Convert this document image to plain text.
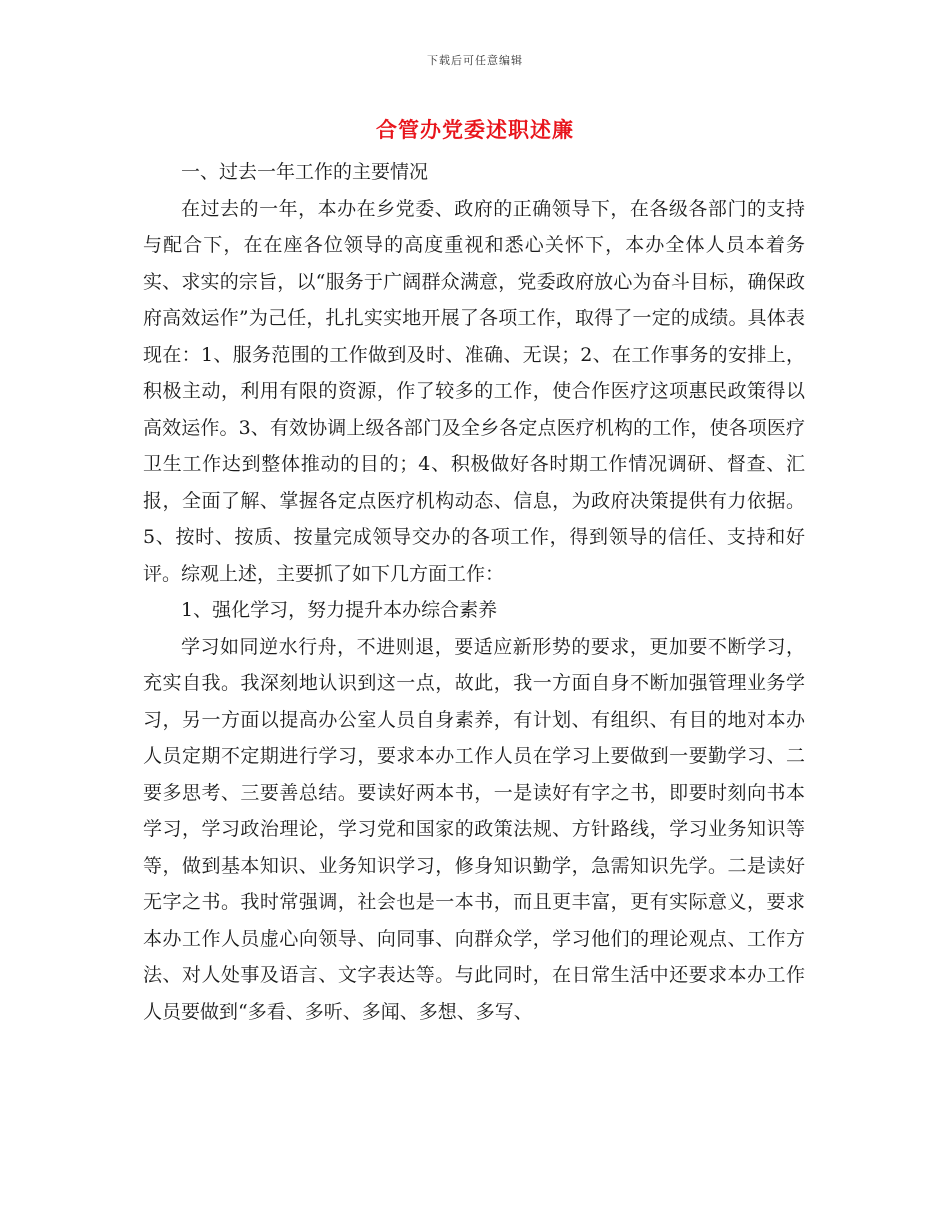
下载后可任意编辑
合管办党委述职述廉

一、过去一年工作的主要情况

在过去的一年，本办在乡党委、政府的正确领导下，在各级各部门的支持与配合下，在在座各位领导的高度重视和悉心关怀下，本办全体人员本着务实、求实的宗旨，以“服务于广阔群众满意，党委政府放心为奋斗目标，确保政府高效运作”为己任，扎扎实实地开展了各项工作，取得了一定的成绩。具体表现在：1、服务范围的工作做到及时、准确、无误；2、在工作事务的安排上，积极主动，利用有限的资源，作了较多的工作，使合作医疗这项惠民政策得以高效运作。3、有效协调上级各部门及全乡各定点医疗机构的工作，使各项医疗卫生工作达到整体推动的目的；4、积极做好各时期工作情况调研、督查、汇报，全面了解、掌握各定点医疗机构动态、信息，为政府决策提供有力依据。5、按时、按质、按量完成领导交办的各项工作，得到领导的信任、支持和好评。综观上述，主要抓了如下几方面工作：

1、强化学习，努力提升本办综合素养

学习如同逆水行舟，不进则退，要适应新形势的要求，更加要不断学习，充实自我。我深刻地认识到这一点，故此，我一方面自身不断加强管理业务学习，另一方面以提高办公室人员自身素养，有计划、有组织、有目的地对本办人员定期不定期进行学习，要求本办工作人员在学习上要做到一要勤学习、二要多思考、三要善总结。要读好两本书，一是读好有字之书，即要时刻向书本学习，学习政治理论，学习党和国家的政策法规、方针路线，学习业务知识等等，做到基本知识、业务知识学习，修身知识勤学，急需知识先学。二是读好无字之书。我时常强调，社会也是一本书，而且更丰富，更有实际意义，要求本办工作人员虚心向领导、向同事、向群众学，学习他们的理论观点、工作方法、对人处事及语言、文字表达等。与此同时，在日常生活中还要求本办工作人员要做到“多看、多听、多闻、多想、多写、
